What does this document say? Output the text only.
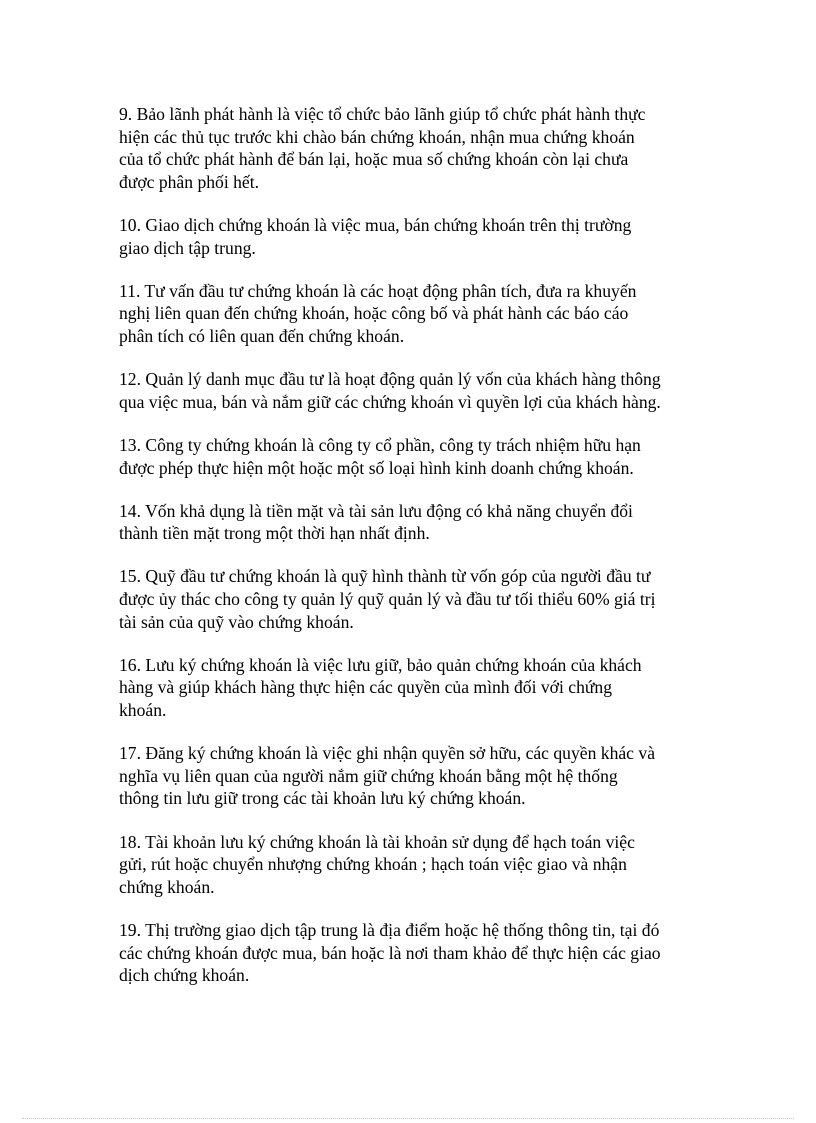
9. Bảo lãnh phát hành là việc tổ chức bảo lãnh giúp tổ chức phát hành thực
hiện các thủ tục trước khi chào bán chứng khoán, nhận mua chứng khoán
của tổ chức phát hành để bán lại, hoặc mua số chứng khoán còn lại chưa
được phân phối hết.

10. Giao dịch chứng khoán là việc mua, bán chứng khoán trên thị trường
giao dịch tập trung.

11. Tư vấn đầu tư chứng khoán là các hoạt động phân tích, đưa ra khuyến
nghị liên quan đến chứng khoán, hoặc công bố và phát hành các báo cáo
phân tích có liên quan đến chứng khoán.

12. Quản lý danh mục đầu tư là hoạt động quản lý vốn của khách hàng thông
qua việc mua, bán và nắm giữ các chứng khoán vì quyền lợi của khách hàng.

13. Công ty chứng khoán là công ty cổ phần, công ty trách nhiệm hữu hạn
được phép thực hiện một hoặc một số loại hình kinh doanh chứng khoán.

14. Vốn khả dụng là tiền mặt và tài sản lưu động có khả năng chuyển đổi
thành tiền mặt trong một thời hạn nhất định.

15. Quỹ đầu tư chứng khoán là quỹ hình thành từ vốn góp của người đầu tư
được ủy thác cho công ty quản lý quỹ quản lý và đầu tư tối thiểu 60% giá trị
tài sản của quỹ vào chứng khoán.

16. Lưu ký chứng khoán là việc lưu giữ, bảo quản chứng khoán của khách
hàng và giúp khách hàng thực hiện các quyền của mình đối với chứng
khoán.

17. Đăng ký chứng khoán là việc ghi nhận quyền sở hữu, các quyền khác và
nghĩa vụ liên quan của người nắm giữ chứng khoán bằng một hệ thống
thông tin lưu giữ trong các tài khoản lưu ký chứng khoán.

18. Tài khoản lưu ký chứng khoán là tài khoản sử dụng để hạch toán việc
gửi, rút hoặc chuyển nhượng chứng khoán ; hạch toán việc giao và nhận
chứng khoán.

19. Thị trường giao dịch tập trung là địa điểm hoặc hệ thống thông tin, tại đó
các chứng khoán được mua, bán hoặc là nơi tham khảo để thực hiện các giao
dịch chứng khoán.
